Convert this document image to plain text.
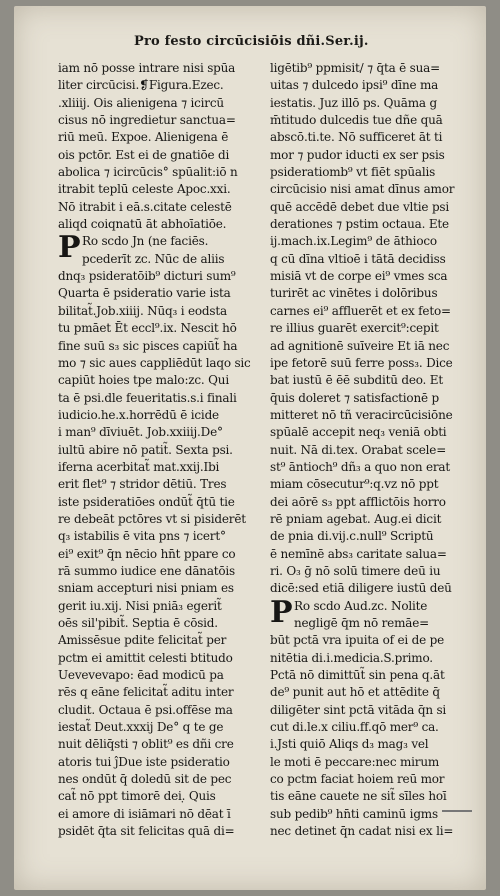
Pro festo circūcisiōis dñi.Ser.ij.
iam nō posse intrare nisi spūa
liter circūcisi.❡Figura.Ezec.
.xliiij. Ois alienigena ⁊ icircū
cisus nō ingredietur sanctua=
riū meū. Expoe. Alienigena ē
ois pctōr. Est ei de gnatiōe di
abolica ⁊ icircūcis° spūalit:iō n
itrabit teplū celeste Apoc.xxi.
Nō itrabit i eā.s.citate celestē
aliqd coiqnatū āt abhoīatiōe.
P Ro scdo Jn (ne faciēs.
pcederīt zc. Nūc de aliis
dnq₃ psideratōib⁹ dicturi sum⁹
Quarta ē psideratio varie ista
bilitat̃.Job.xiiij. Nūq₃ i eodsta
tu pmāet Ēt eccl⁹.ix. Nescit hō
fine suū s₃ sic pisces capiūt̃ ha
mo ⁊ sic aues cappliēdūt laqo sic
capiūt hoies tpe malo:zc. Qui
ta ē psi.dle feueritatis.s.i finali
iudicio.he.x.horrēdū ē icide
i man⁹ dīviuēt. Job.xxiiij.De°
iultū abire nō patit̃. Sexta psi.
iferna acerbitat̃ mat.xxij.Ibi
erit flet⁹ ⁊ stridor dētiū. Tres
iste psideratiōes ondūt̃ q̄tū tie
re debeāt pctōres vt si pisiderēt
q₃ istabilis ē vita pns ⁊ icert°
ei⁹ exit⁹ q̄n nēcio hn̄t ppare co
rā summo iudice ene dānatōis
sniam accepturi nisi pniam es
gerit iu.xij. Nisi pniā₃ egerit̃
oēs sil'pibit̃. Septia ē cōsid.
Amissēsue pdite felicitat̃ per
pctm ei amittit celesti btitudo
Uevevevapo: ēad modicū pa
rēs q eāne felicitat̃ aditu inter
cludit. Octaua ē psi.offēse ma
iestat̃ Deut.xxxij De° q te ge
nuit dēliq̄sti ⁊ oblit⁹ es dñi cre
atoris tui ĵDue iste psideratio
nes ondūt q̄ doledū sit de pec
cat̃ nō ppt timorē dei.̣ Quis
ei amore di isiāmari nō dēat ī
psidēt q̄ta sit felicitas quā di=
ligētib⁹ ppmisit/ ⁊ q̄ta ē sua=
uitas ⁊ dulcedo ipsi⁹ dīne ma
iestatis. Juz illō ps. Quāma g
m̄titudo dulcedis tue dñe quā
abscō.ti.te. Nō sufficeret āt ti
mor ⁊ pudor iducti ex ser psis
psideratiomb⁹ vt fiēt spūalis
circūcisio nisi amat dīnus amor
quē accēdē debet due vltie psi
derationes ⁊ pstim octaua. Ete
ij.mach.ix.Legim⁹ de āthioco
q cū dīna vltioē i tātā decidiss
misiā vt de corpe ei⁹ vmes sca
turirēt ac vinētes i dolōribus
carnes ei⁹ affluerēt et ex feto=
re illius guarēt exercit⁹:cepit
ad agnitionē suīveire Et iā nec
ipe fetorē suū ferre poss₃. Dice
bat iustū ē ēē subditū deo. Et
q̄uis doleret ⁊ satisfactionē p
mitteret nō tñ veracircūcisiōne
spūalē accepit neq₃ veniā obti
nuit. Nā di.tex. Orabat scele=
st⁹ āntioch⁹ dñ₃ a quo non erat
miam cōsecutur⁹:q.vz nō ppt
dei aōrē s₃ ppt afflictōis horro
rē pniam agebat. Aug.ei dicit
de pnia di.vij.c.null⁹ Scriptū
ē nemīnē abs₃ caritate salua=
ri. O₃ ḡ nō solū timere deū iu
dicē:sed etiā diligere iustū deū
P Ro scdo Aud.zc. Nolite
negligē q̄m nō remāe=
būt pctā vra ipuita of ei de pe
nitētia di.i.medicia.S.primo.
Pctā nō dimittūt̃ sin pena q.āt
de⁹ punit aut hō et attēdite q̄
diligēter sint pctā vitāda q̄n si
cut di.le.x ciliu.ff.qō mer⁹ ca.
i.Jsti quiō Aliqs d₃ mag₃ vel
le moti ē peccare:nec mirum
co pctm faciat hoiem reū mor
tis eāne cauete ne sit̃ sīles hoī
sub pedib⁹ hn̄ti caminū igms
nec detinet q̄n cadat nisi ex li=
